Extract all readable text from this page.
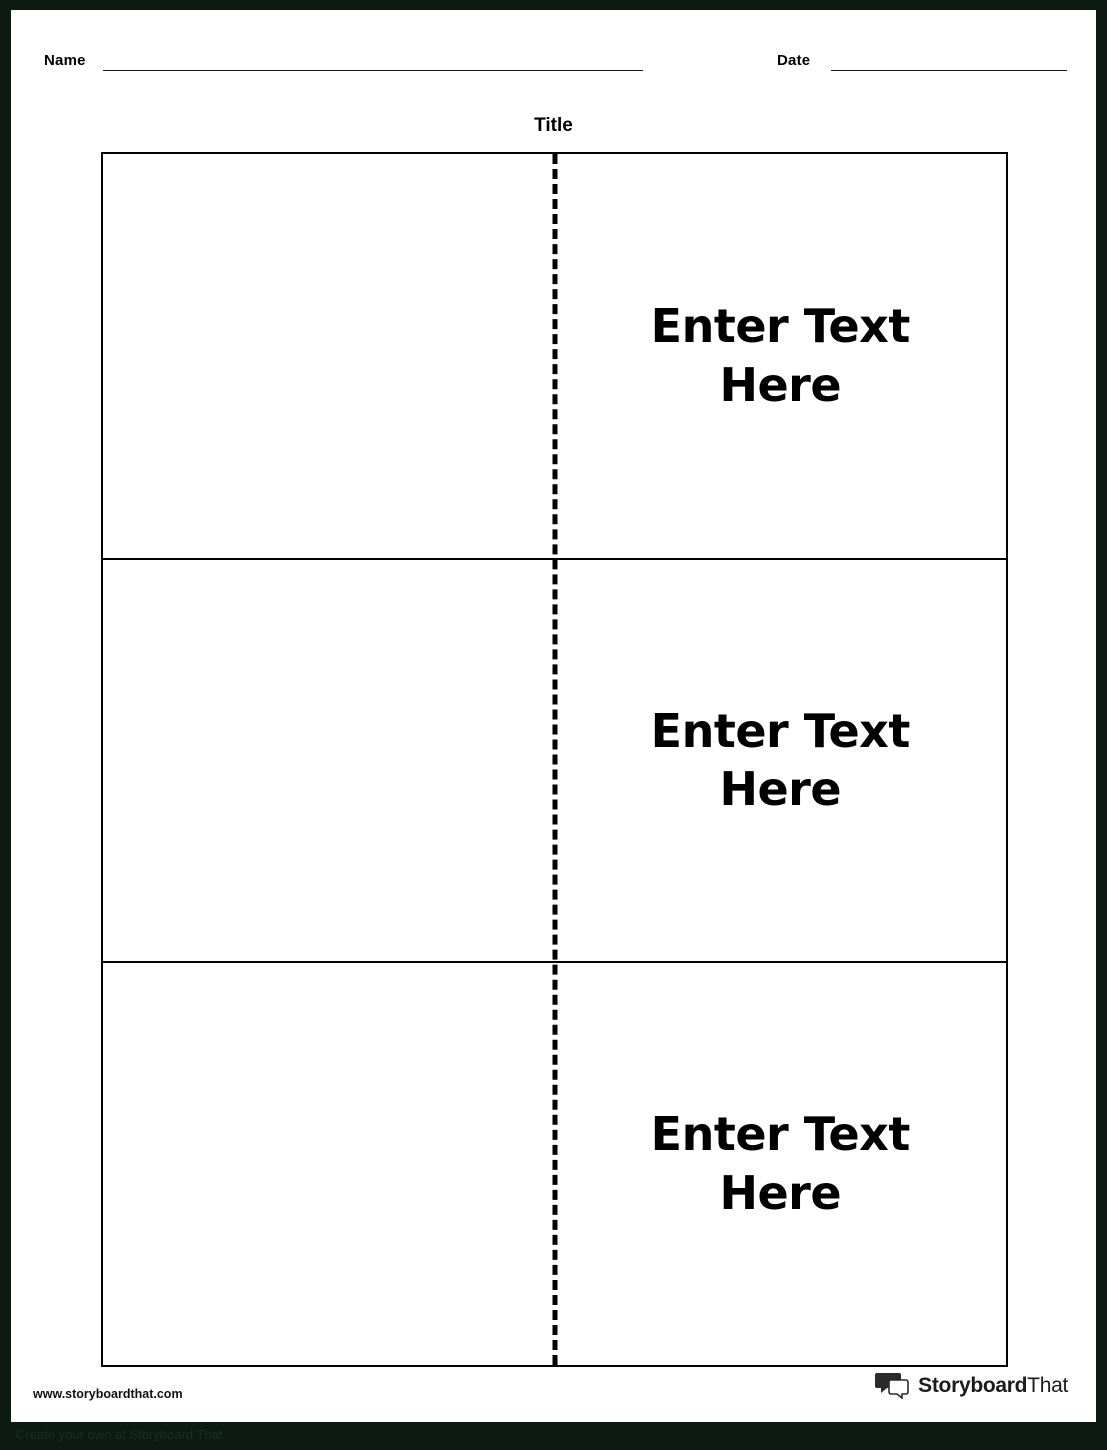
Name	Date
Title
Enter Text Here
Enter Text Here
Enter Text Here
www.storyboardthat.com	StoryboardThat
Create your own at Storyboard That
